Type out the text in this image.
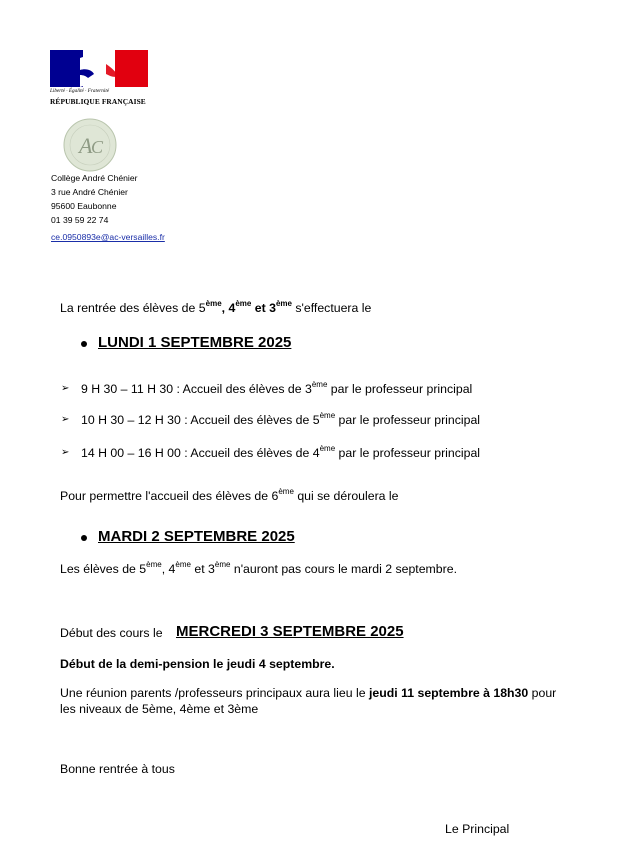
Liberté · Égalité · Fraternité
RÉPUBLIQUE FRANÇAISE
A
C
Collège André Chénier
3 rue André Chénier
95600 Eaubonne
01 39 59 22 74
ce.0950893e@ac-versailles.fr
La rentrée des élèves de 5ème, 4ème et 3ème s'effectuera le
LUNDI 1 SEPTEMBRE 2025
➢ 9 H 30 – 11 H 30 : Accueil des élèves de 3ème par le professeur principal
➢ 10 H 30 – 12 H 30 : Accueil des élèves de 5ème par le professeur principal
➢ 14 H 00 – 16 H 00 : Accueil des élèves de 4ème par le professeur principal
Pour permettre l'accueil des élèves de 6ème qui se déroulera le
MARDI 2 SEPTEMBRE 2025
Les élèves de 5ème, 4ème et 3ème n'auront pas cours le mardi 2 septembre.
Début des cours le MERCREDI 3 SEPTEMBRE 2025
Début de la demi-pension le jeudi 4 septembre.
Une réunion parents /professeurs principaux aura lieu le jeudi 11 septembre à 18h30 pour
les niveaux de 5ème, 4ème et 3ème
Bonne rentrée à tous
Le Principal
